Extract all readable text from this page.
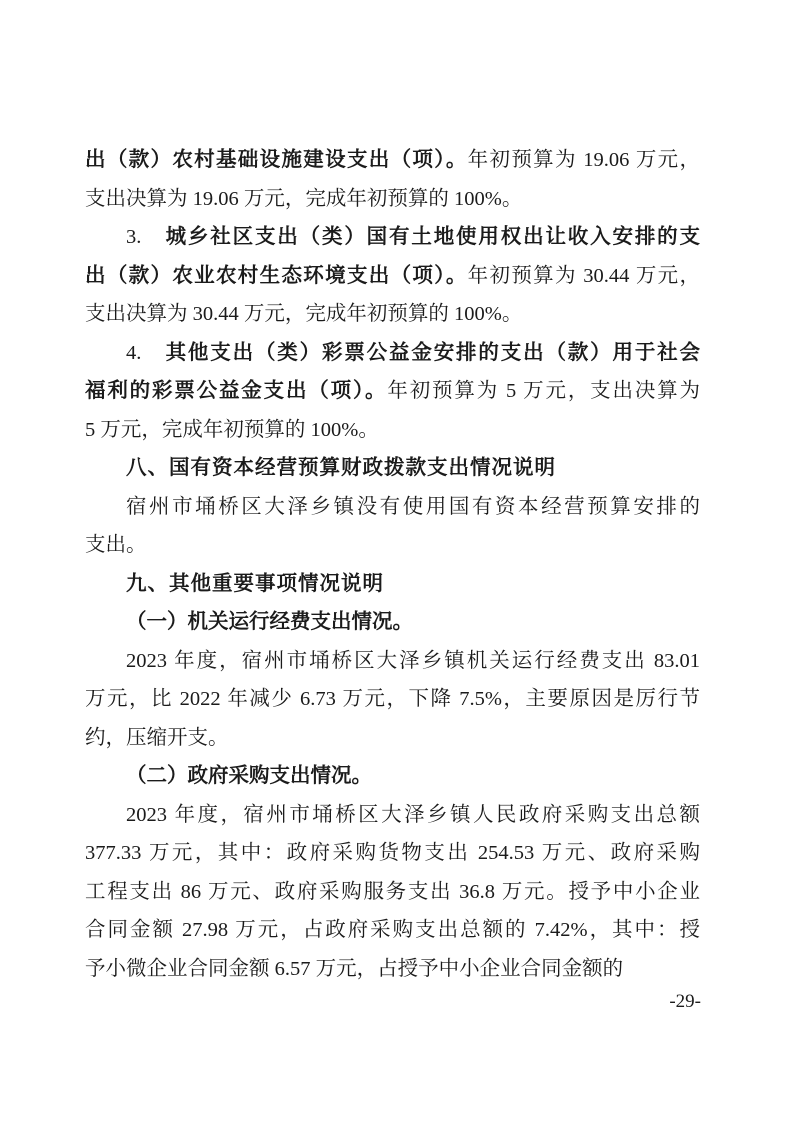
出（款）农村基础设施建设支出（项）。年初预算为 19.06 万元，
支出决算为 19.06 万元，完成年初预算的 100%。
3.　城乡社区支出（类）国有土地使用权出让收入安排的支
出（款）农业农村生态环境支出（项）。年初预算为 30.44 万元，
支出决算为 30.44 万元，完成年初预算的 100%。
4.　其他支出（类）彩票公益金安排的支出（款）用于社会
福利的彩票公益金支出（项）。年初预算为 5 万元，支出决算为
5 万元，完成年初预算的 100%。
八、国有资本经营预算财政拨款支出情况说明
宿州市埇桥区大泽乡镇没有使用国有资本经营预算安排的
支出。
九、其他重要事项情况说明
（一）机关运行经费支出情况。
2023 年度，宿州市埇桥区大泽乡镇机关运行经费支出 83.01
万元，比 2022 年减少 6.73 万元，下降 7.5%，主要原因是厉行节
约，压缩开支。
（二）政府采购支出情况。
2023 年度，宿州市埇桥区大泽乡镇人民政府采购支出总额
377.33 万元，其中：政府采购货物支出 254.53 万元、政府采购
工程支出 86 万元、政府采购服务支出 36.8 万元。授予中小企业
合同金额 27.98 万元，占政府采购支出总额的 7.42%，其中：授
予小微企业合同金额 6.57 万元，占授予中小企业合同金额的
-29-
